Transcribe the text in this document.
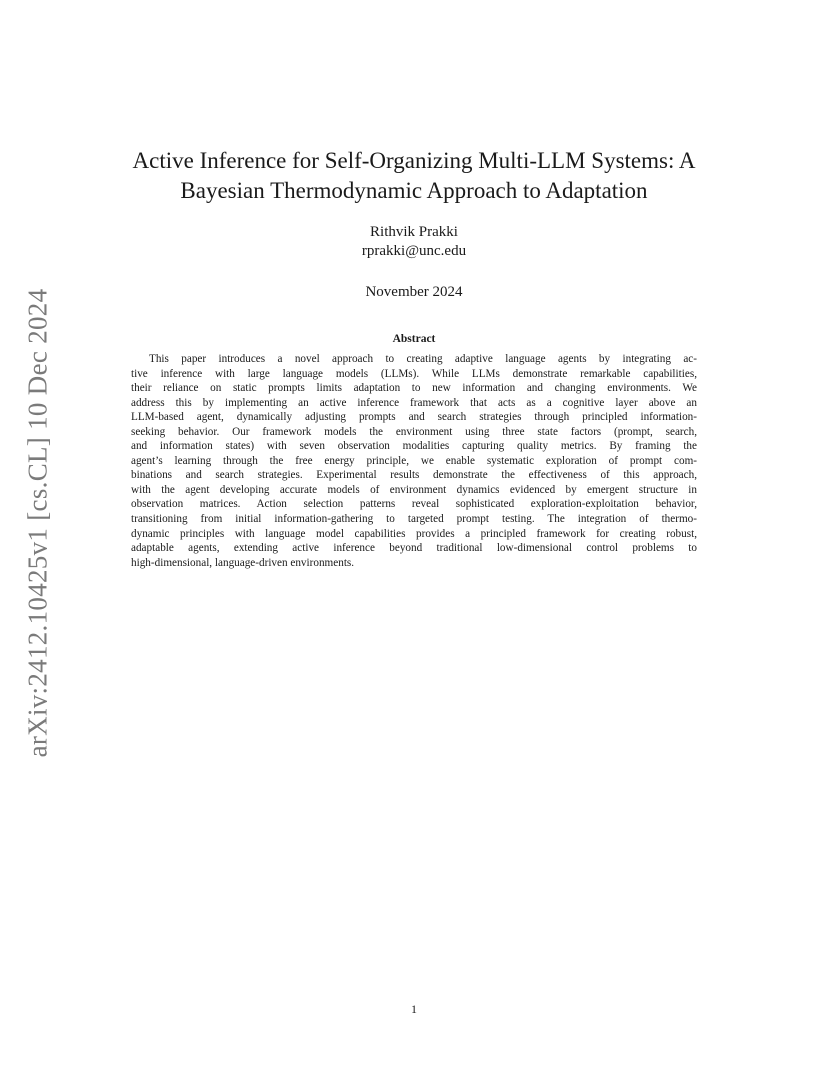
arXiv:2412.10425v1 [cs.CL] 10 Dec 2024
Active Inference for Self-Organizing Multi-LLM Systems: A
Bayesian Thermodynamic Approach to Adaptation
Rithvik Prakki
rprakki@unc.edu
November 2024
Abstract
This paper introduces a novel approach to creating adaptive language agents by integrating ac-
tive inference with large language models (LLMs). While LLMs demonstrate remarkable capabilities,
their reliance on static prompts limits adaptation to new information and changing environments. We
address this by implementing an active inference framework that acts as a cognitive layer above an
LLM-based agent, dynamically adjusting prompts and search strategies through principled information-
seeking behavior. Our framework models the environment using three state factors (prompt, search,
and information states) with seven observation modalities capturing quality metrics. By framing the
agent’s learning through the free energy principle, we enable systematic exploration of prompt com-
binations and search strategies. Experimental results demonstrate the effectiveness of this approach,
with the agent developing accurate models of environment dynamics evidenced by emergent structure in
observation matrices. Action selection patterns reveal sophisticated exploration-exploitation behavior,
transitioning from initial information-gathering to targeted prompt testing. The integration of thermo-
dynamic principles with language model capabilities provides a principled framework for creating robust,
adaptable agents, extending active inference beyond traditional low-dimensional control problems to
high-dimensional, language-driven environments.
1
